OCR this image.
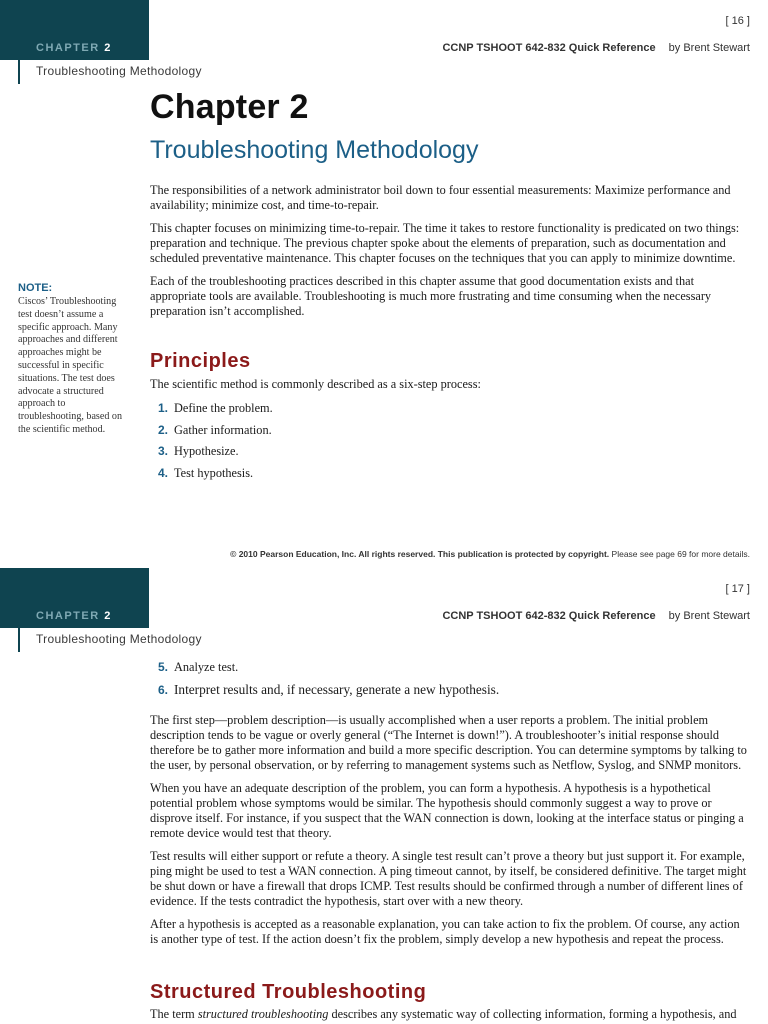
CHAPTER 2
Troubleshooting Methodology
[ 16 ]
CCNP TSHOOT 642-832 Quick Reference by Brent Stewart
Chapter 2
Troubleshooting Methodology

The responsibilities of a network administrator boil down to four essential measurements: Maximize performance and availability; minimize cost, and time-to-repair.

This chapter focuses on minimizing time-to-repair. The time it takes to restore functionality is predicated on two things: preparation and technique. The previous chapter spoke about the elements of preparation, such as documentation and scheduled preventative maintenance. This chapter focuses on the techniques that you can apply to minimize downtime.

Each of the troubleshooting practices described in this chapter assume that good documentation exists and that appropriate tools are available. Troubleshooting is much more frustrating and time consuming when the necessary preparation isn’t accomplished.

NOTE:
Ciscos’ Troubleshooting test doesn’t assume a specific approach. Many approaches and different approaches might be successful in specific situations. The test does advocate a structured approach to troubleshooting, based on the scientific method.
Principles
The scientific method is commonly described as a six-step process:
1. Define the problem.
2. Gather information.
3. Hypothesize.
4. Test hypothesis.
© 2010 Pearson Education, Inc. All rights reserved. This publication is protected by copyright. Please see page 69 for more details.
CHAPTER 2
Troubleshooting Methodology
[ 17 ]
CCNP TSHOOT 642-832 Quick Reference by Brent Stewart
5. Analyze test.
6. Interpret results and, if necessary, generate a new hypothesis.

The first step—problem description—is usually accomplished when a user reports a problem. The initial problem description tends to be vague or overly general (“The Internet is down!”). A troubleshooter’s initial response should therefore be to gather more information and build a more specific description. You can determine symptoms by talking to the user, by personal observation, or by referring to management systems such as Netflow, Syslog, and SNMP monitors.

When you have an adequate description of the problem, you can form a hypothesis. A hypothesis is a hypothetical potential problem whose symptoms would be similar. The hypothesis should commonly suggest a way to prove or disprove itself. For instance, if you suspect that the WAN connection is down, looking at the interface status or pinging a remote device would test that theory.

Test results will either support or refute a theory. A single test result can’t prove a theory but just support it. For example, ping might be used to test a WAN connection. A ping timeout cannot, by itself, be considered definitive. The target might be shut down or have a firewall that drops ICMP. Test results should be confirmed through a number of different lines of evidence. If the tests contradict the hypothesis, start over with a new theory.

After a hypothesis is accepted as a reasonable explanation, you can take action to fix the problem. Of course, any action is another type of test. If the action doesn’t fix the problem, simply develop a new hypothesis and repeat the process.

Structured Troubleshooting
The term structured troubleshooting describes any systematic way of collecting information, forming a hypothesis, and
